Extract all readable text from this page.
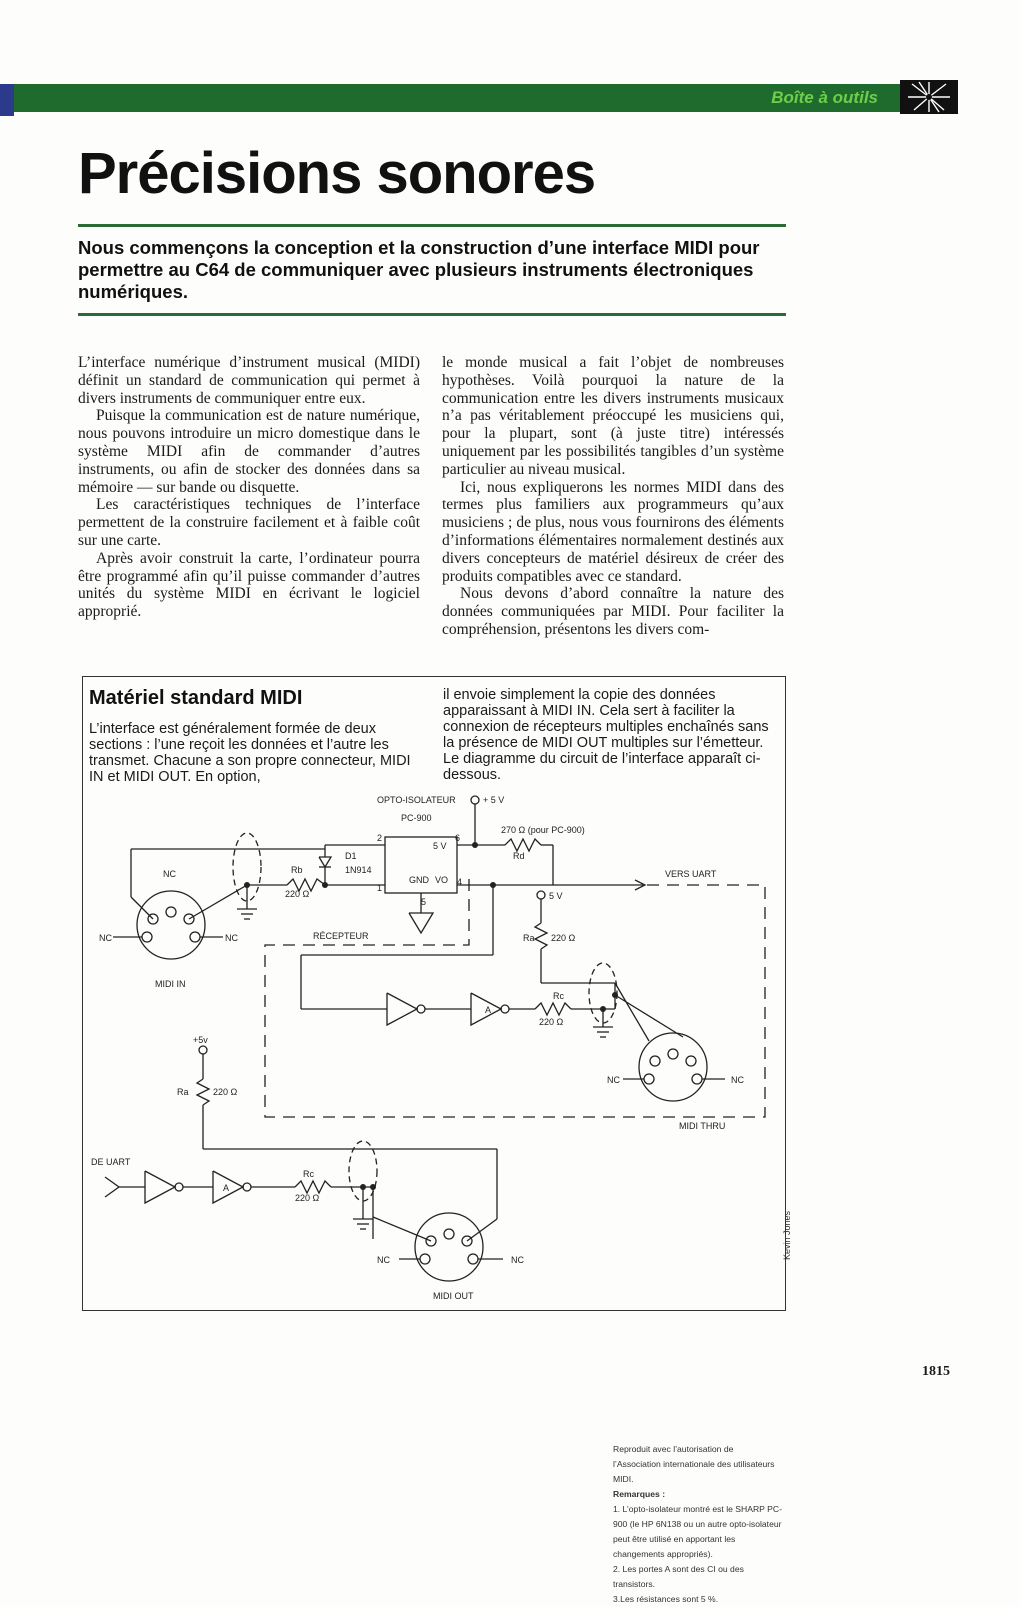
Boîte à outils
Précisions sonores

Nous commençons la conception et la construction d’une interface MIDI pour permettre au C64 de communiquer avec plusieurs instruments électroniques numériques.

L’interface numérique d’instrument musical (MIDI) définit un standard de communication qui permet à divers instruments de communiquer entre eux.

Puisque la communication est de nature numérique, nous pouvons introduire un micro domestique dans le système MIDI afin de commander d’autres instruments, ou afin de stocker des données dans sa mémoire — sur bande ou disquette.

Les caractéristiques techniques de l’interface permettent de la construire facilement et à faible coût sur une carte.

Après avoir construit la carte, l’ordinateur pourra être programmé afin qu’il puisse commander d’autres unités du système MIDI en écrivant le logiciel approprié.

le monde musical a fait l’objet de nombreuses hypothèses. Voilà pourquoi la nature de la communication entre les divers instruments musicaux n’a pas véritablement préoccupé les musiciens qui, pour la plupart, sont (à juste titre) intéressés uniquement par les possibilités tangibles d’un système particulier au niveau musical.

Ici, nous expliquerons les normes MIDI dans des termes plus familiers aux programmeurs qu’aux musiciens ; de plus, nous vous fournirons des éléments d’informations élémentaires normalement destinés aux divers concepteurs de matériel désireux de créer des produits compatibles avec ce standard.

Nous devons d’abord connaître la nature des données communiquées par MIDI. Pour faciliter la compréhension, présentons les divers com-

Matériel standard MIDI

L’interface est généralement formée de deux sections : l’une reçoit les données et l’autre les transmet. Chacune a son propre connecteur, MIDI IN et MIDI OUT. En option,

il envoie simplement la copie des données apparaissant à MIDI IN. Cela sert à faciliter la connexion de récepteurs multiples enchaînés sans la présence de MIDI OUT multiples sur l’émetteur. Le diagramme du circuit de l’interface apparaît ci-dessous.

OPTO-ISOLATEUR
PC-900
+ 5 V
270 Ω (pour PC-900)
Rd
D1
1N914
Rb
220 Ω
5 V
GND VO
VERS UART
2	6
1
4
5
NC
NC	NC
MIDI IN
RÉCEPTEUR
5 V
Ra 220 Ω
A
Rc
220 Ω
MIDI THRU
NC	NC
+5v
Ra	220 Ω
DE UART
A
Rc
220 Ω
NC	NC
MIDI OUT

Reproduit avec l’autorisation de l’Association internationale des utilisateurs MIDI.

Remarques :

1. L’opto-isolateur montré est le SHARP PC-900 (le HP 6N138 ou un autre opto-isolateur peut être utilisé en apportant les changements appropriés).

2. Les portes A sont des CI ou des transistors.

3.Les résistances sont 5 %.

Kevin Jones
1815
